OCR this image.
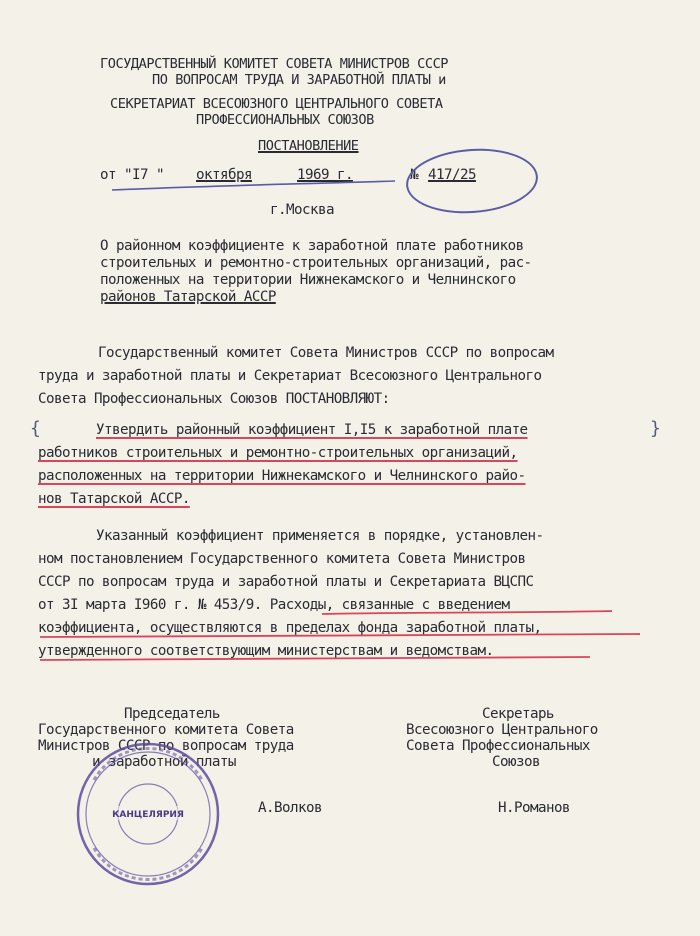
ГОСУДАРСТВЕННЫЙ КОМИТЕТ СОВЕТА МИНИСТРОВ СССР
ПО ВОПРОСАМ ТРУДА И ЗАРАБОТНОЙ ПЛАТЫ и
СЕКРЕТАРИАТ ВСЕСОЮЗНОГО ЦЕНТРАЛЬНОГО СОВЕТА
ПРОФЕССИОНАЛЬНЫХ СОЮЗОВ
ПОСТАНОВЛЕНИЕ
от "I7 " октября	1969 г.	№ 417/25
г.Москва
О районном коэффициенте к заработной плате работников
строительных и ремонтно-строительных организаций, рас-
положенных на территории Нижнекамского и Челнинского
районов Татарской АССР
Государственный комитет Совета Министров СССР по вопросам
труда и заработной платы и Секретариат Всесоюзного Центрального
Совета Профессиональных Союзов ПОСТАНОВЛЯЮТ:
{	}
Утвердить районный коэффициент I,I5 к заработной плате
работников строительных и ремонтно-строительных организаций,
расположенных на территории Нижнекамского и Челнинского райо-
нов Татарской АССР.
Указанный коэффициент применяется в порядке, установлен-
ном постановлением Государственного комитета Совета Министров
СССР по вопросам труда и заработной платы и Секретариата ВЦСПС
от 3I марта I960 г. № 453/9. Расходы, связанные с введением
коэффициента, осуществляются в пределах фонда заработной платы,
утвержденного соответствующим министерствам и ведомствам.
Председатель
Государственного комитета Совета
Министров СССР по вопросам труда
и заработной платы
А.Волков
Секретарь
Всесоюзного Центрального
Совета Профессиональных
Союзов
Н.Романов
КАНЦЕЛЯРИЯ
